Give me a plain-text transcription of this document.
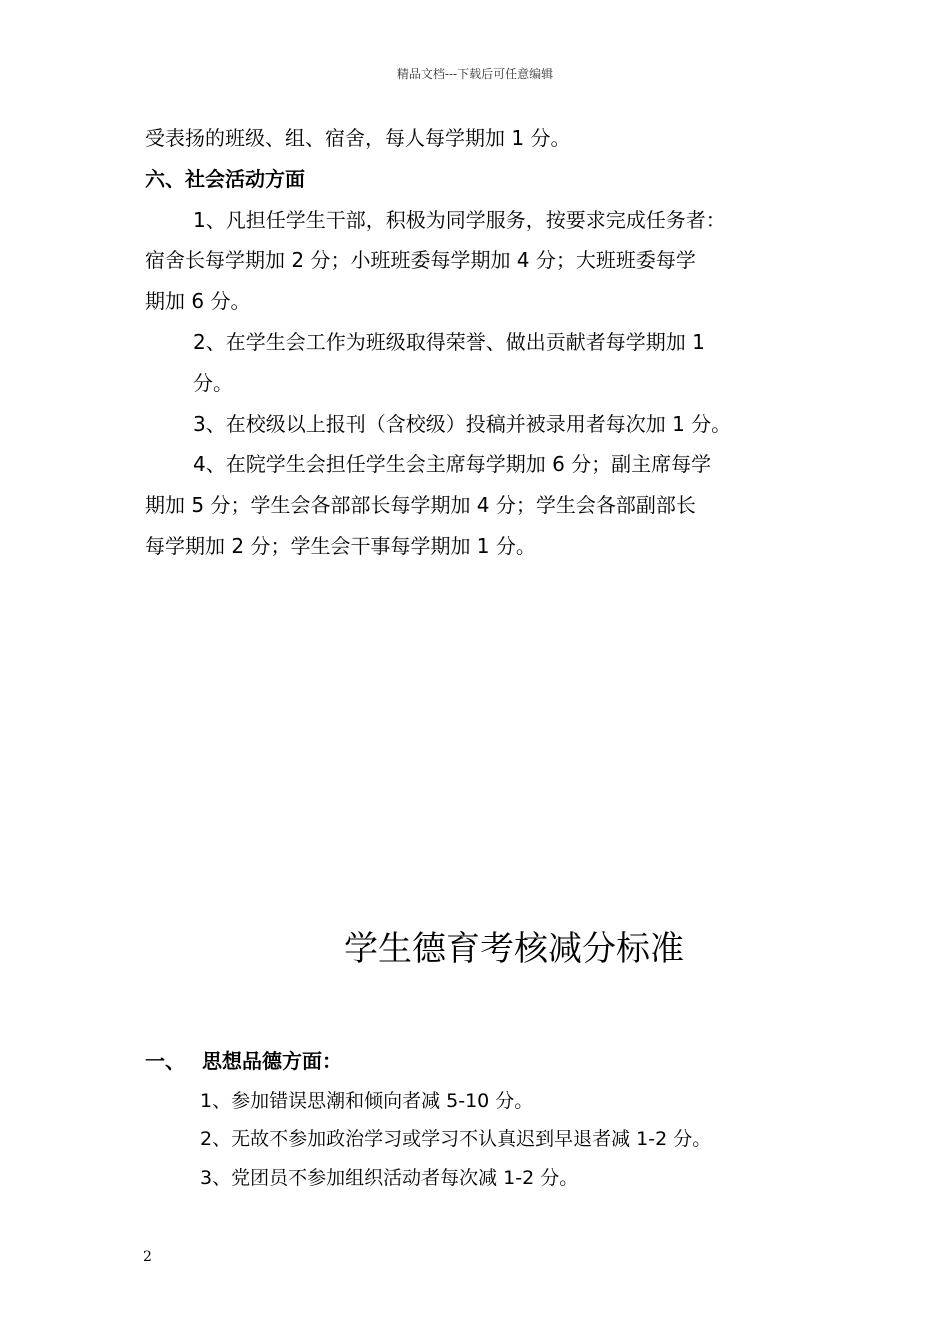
精品文档---下载后可任意编辑
受表扬的班级、组、宿舍，每人每学期加 1 分。
六、社会活动方面
1、凡担任学生干部，积极为同学服务，按要求完成任务者：
宿舍长每学期加 2 分；小班班委每学期加 4 分；大班班委每学
期加 6 分。
2、在学生会工作为班级取得荣誉、做出贡献者每学期加 1
分。
3、在校级以上报刊（含校级）投稿并被录用者每次加 1 分。
4、在院学生会担任学生会主席每学期加 6 分；副主席每学
期加 5 分；学生会各部部长每学期加 4 分；学生会各部副部长
每学期加 2 分；学生会干事每学期加 1 分。
学生德育考核减分标准
一、 思想品德方面：
1、参加错误思潮和倾向者减 5-10 分。
2、无故不参加政治学习或学习不认真迟到早退者减 1-2 分。
3、党团员不参加组织活动者每次减 1-2 分。
2
